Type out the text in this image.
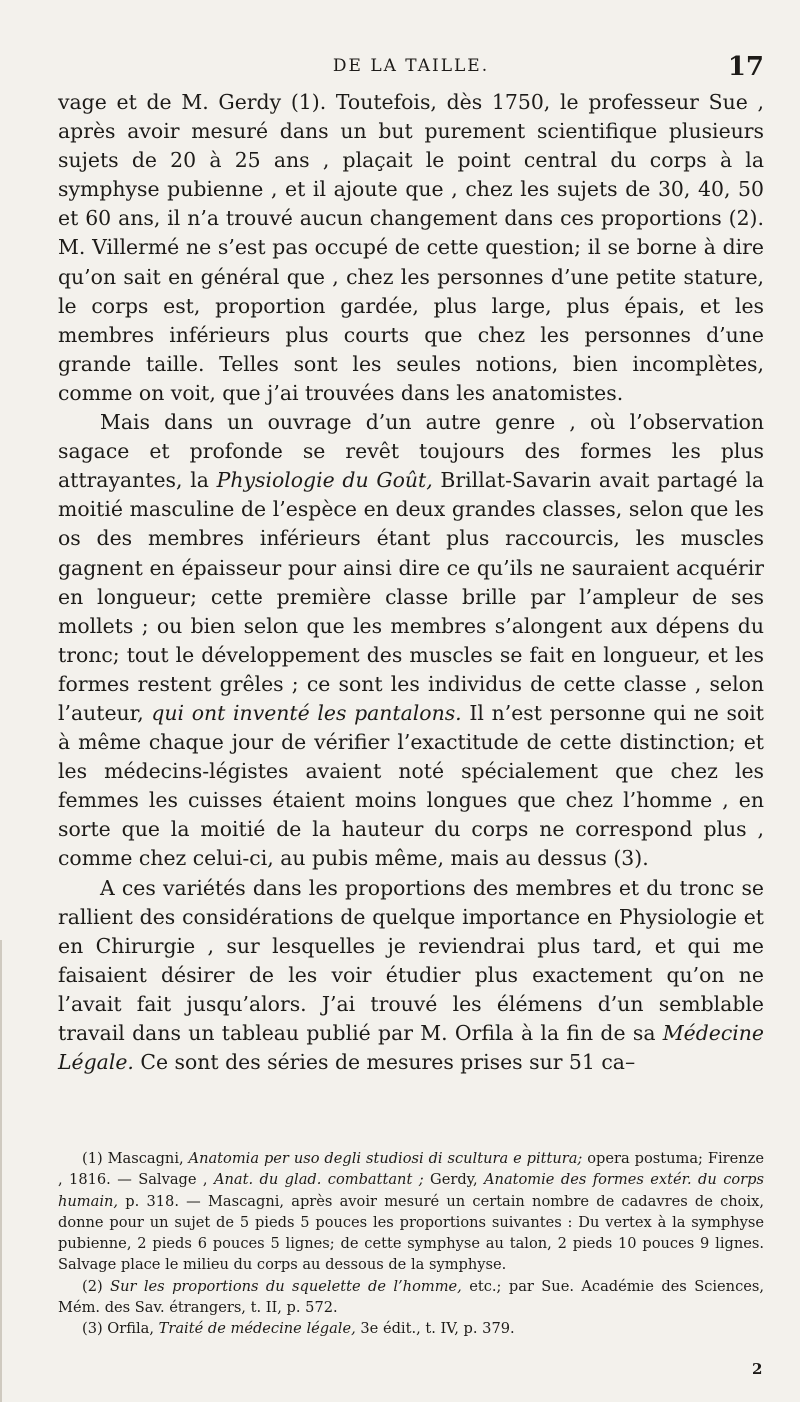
DE LA TAILLE.	17

vage et de M. Gerdy (1). Toutefois, dès 1750, le professeur Sue , après avoir mesuré dans un but purement scientifique plusieurs sujets de 20 à 25 ans , plaçait le point central du corps à la symphyse pubienne , et il ajoute que , chez les sujets de 30, 40, 50 et 60 ans, il n’a trouvé aucun changement dans ces proportions (2). M. Villermé ne s’est pas occupé de cette question; il se borne à dire qu’on sait en général que , chez les personnes d’une petite stature, le corps est, proportion gardée, plus large, plus épais, et les membres inférieurs plus courts que chez les personnes d’une grande taille. Telles sont les seules notions, bien incomplètes, comme on voit, que j’ai trouvées dans les anatomistes.

Mais dans un ouvrage d’un autre genre , où l’observation sagace et profonde se revêt toujours des formes les plus attrayantes, la Physiologie du Goût, Brillat-Savarin avait partagé la moitié masculine de l’espèce en deux grandes classes, selon que les os des membres inférieurs étant plus raccourcis, les muscles gagnent en épaisseur pour ainsi dire ce qu’ils ne sauraient acquérir en longueur; cette première classe brille par l’ampleur de ses mollets ; ou bien selon que les membres s’alongent aux dépens du tronc; tout le développement des muscles se fait en longueur, et les formes restent grêles ; ce sont les individus de cette classe , selon l’auteur, qui ont inventé les pantalons. Il n’est personne qui ne soit à même chaque jour de vérifier l’exactitude de cette distinction; et les médecins-légistes avaient noté spécialement que chez les femmes les cuisses étaient moins longues que chez l’homme , en sorte que la moitié de la hauteur du corps ne correspond plus , comme chez celui-ci, au pubis même, mais au dessus (3).

A ces variétés dans les proportions des membres et du tronc se rallient des considérations de quelque importance en Physiologie et en Chirurgie , sur lesquelles je reviendrai plus tard, et qui me faisaient désirer de les voir étudier plus exactement qu’on ne l’avait fait jusqu’alors. J’ai trouvé les élémens d’un semblable travail dans un tableau publié par M. Orfila à la fin de sa Médecine Légale. Ce sont des séries de mesures prises sur 51 ca–

(1) Mascagni, Anatomia per uso degli studiosi di scultura e pittura; opera postuma; Firenze , 1816. — Salvage , Anat. du glad. combattant ; Gerdy, Anatomie des formes extér. du corps humain, p. 318. — Mascagni, après avoir mesuré un certain nombre de cadavres de choix, donne pour un sujet de 5 pieds 5 pouces les proportions suivantes : Du vertex à la symphyse pubienne, 2 pieds 6 pouces 5 lignes; de cette symphyse au talon, 2 pieds 10 pouces 9 lignes. Salvage place le milieu du corps au dessous de la symphyse.

(2) Sur les proportions du squelette de l’homme, etc.; par Sue. Académie des Sciences, Mém. des Sav. étrangers, t. II, p. 572.

(3) Orfila, Traité de médecine légale, 3e édit., t. IV, p. 379.

2
